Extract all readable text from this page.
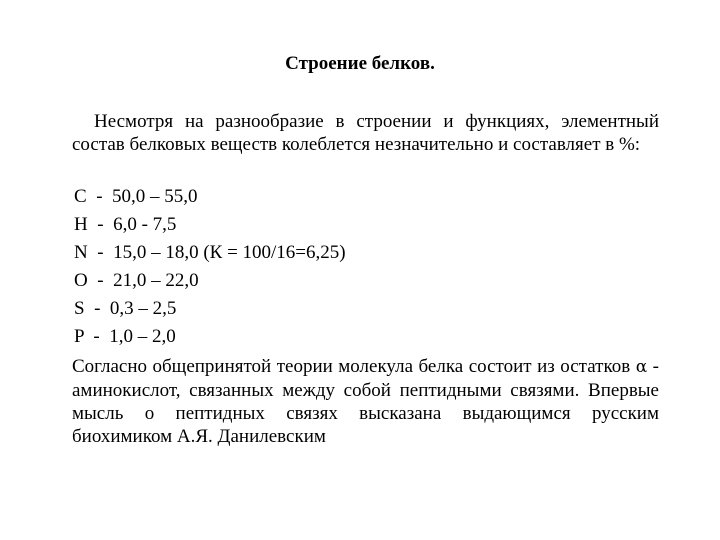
Строение белков.

Несмотря на разнообразие в строении и функциях, элементный состав белковых веществ колеблется незначительно и составляет в %:

С  -  50,0 – 55,0
Н  -  6,0 - 7,5
N  -  15,0 – 18,0 (К = 100/16=6,25)
O  -  21,0 – 22,0
S  -  0,3 – 2,5
P  -  1,0 – 2,0

Согласно общепринятой теории молекула белка состоит из остатков α - аминокислот, связанных между собой пептидными связями. Впервые мысль о пептидных связях высказана выдающимся русским биохимиком А.Я. Данилевским
